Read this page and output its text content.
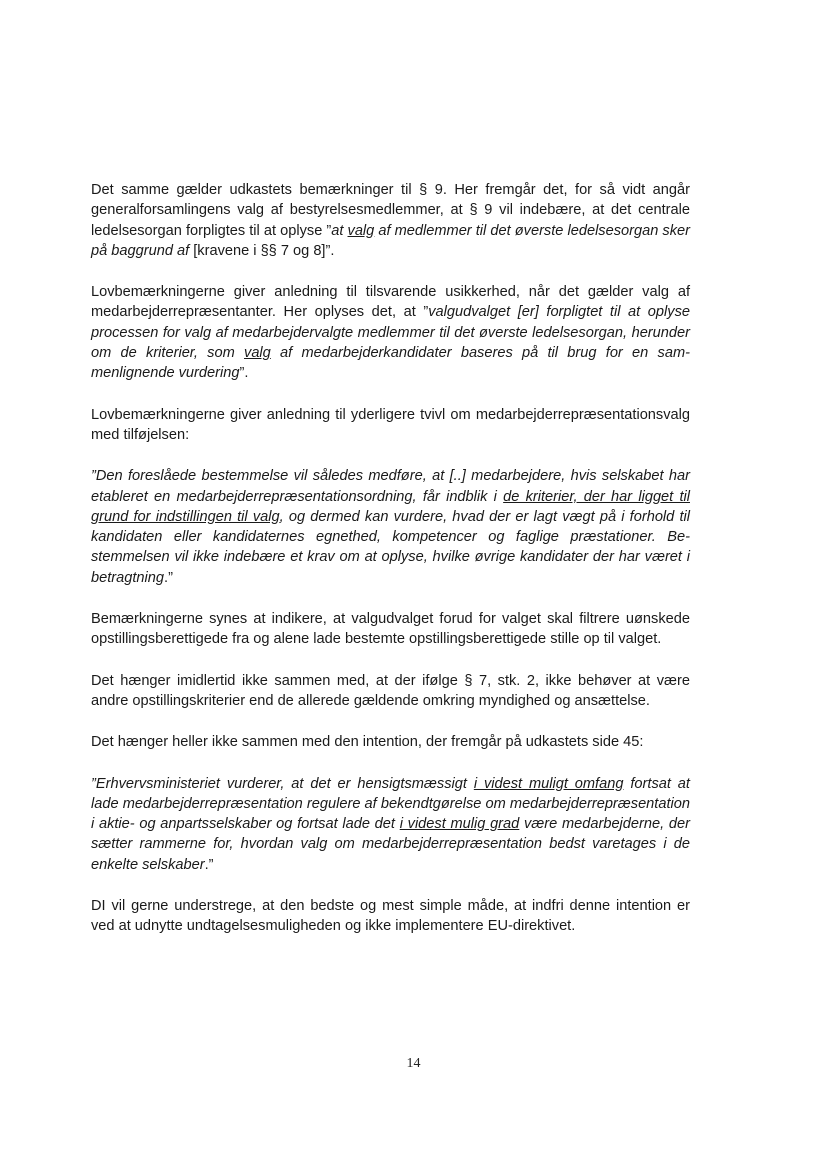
Det samme gælder udkastets bemærkninger til § 9. Her fremgår det, for så vidt angår generalforsamlingens valg af bestyrelsesmedlemmer, at § 9 vil indebære, at det centrale ledelsesorgan forpligtes til at oplyse ”at valg af medlemmer til det øverste ledelsesorgan sker på baggrund af [kravene i §§ 7 og 8]”.

Lovbemærkningerne giver anledning til tilsvarende usikkerhed, når det gælder valg af medarbejderrepræsentanter. Her oplyses det, at ”valgudvalget [er] forpligtet til at oplyse processen for valg af medarbejdervalgte medlemmer til det øverste ledelsesorgan, herunder om de kriterier, som valg af medarbejderkandidater baseres på til brug for en sammenlignende vurdering”.

Lovbemærkningerne giver anledning til yderligere tvivl om medarbejderrepræsentationsvalg med tilføjelsen:

”Den foreslåede bestemmelse vil således medføre, at [..] medarbejdere, hvis selskabet har etableret en medarbejderrepræsentationsordning, får indblik i de kriterier, der har ligget til grund for indstillingen til valg, og dermed kan vurdere, hvad der er lagt vægt på i forhold til kandidaten eller kandidaternes egnethed, kompetencer og faglige præstationer. Bestemmelsen vil ikke indebære et krav om at oplyse, hvilke øvrige kandidater der har været i betragtning.”

Bemærkningerne synes at indikere, at valgudvalget forud for valget skal filtrere uønskede opstillingsberettigede fra og alene lade bestemte opstillingsberettigede stille op til valget.

Det hænger imidlertid ikke sammen med, at der ifølge § 7, stk. 2, ikke behøver at være andre opstillingskriterier end de allerede gældende omkring myndighed og ansættelse.

Det hænger heller ikke sammen med den intention, der fremgår på udkastets side 45:

”Erhvervsministeriet vurderer, at det er hensigtsmæssigt i videst muligt omfang fortsat at lade medarbejderrepræsentation regulere af bekendtgørelse om medarbejderrepræsentation i aktie- og anpartsselskaber og fortsat lade det i videst mulig grad være medarbejderne, der sætter rammerne for, hvordan valg om medarbejderrepræsentation bedst varetages i de enkelte selskaber.”

DI vil gerne understrege, at den bedste og mest simple måde, at indfri denne intention er ved at udnytte undtagelsesmuligheden og ikke implementere EU-direktivet.

14
